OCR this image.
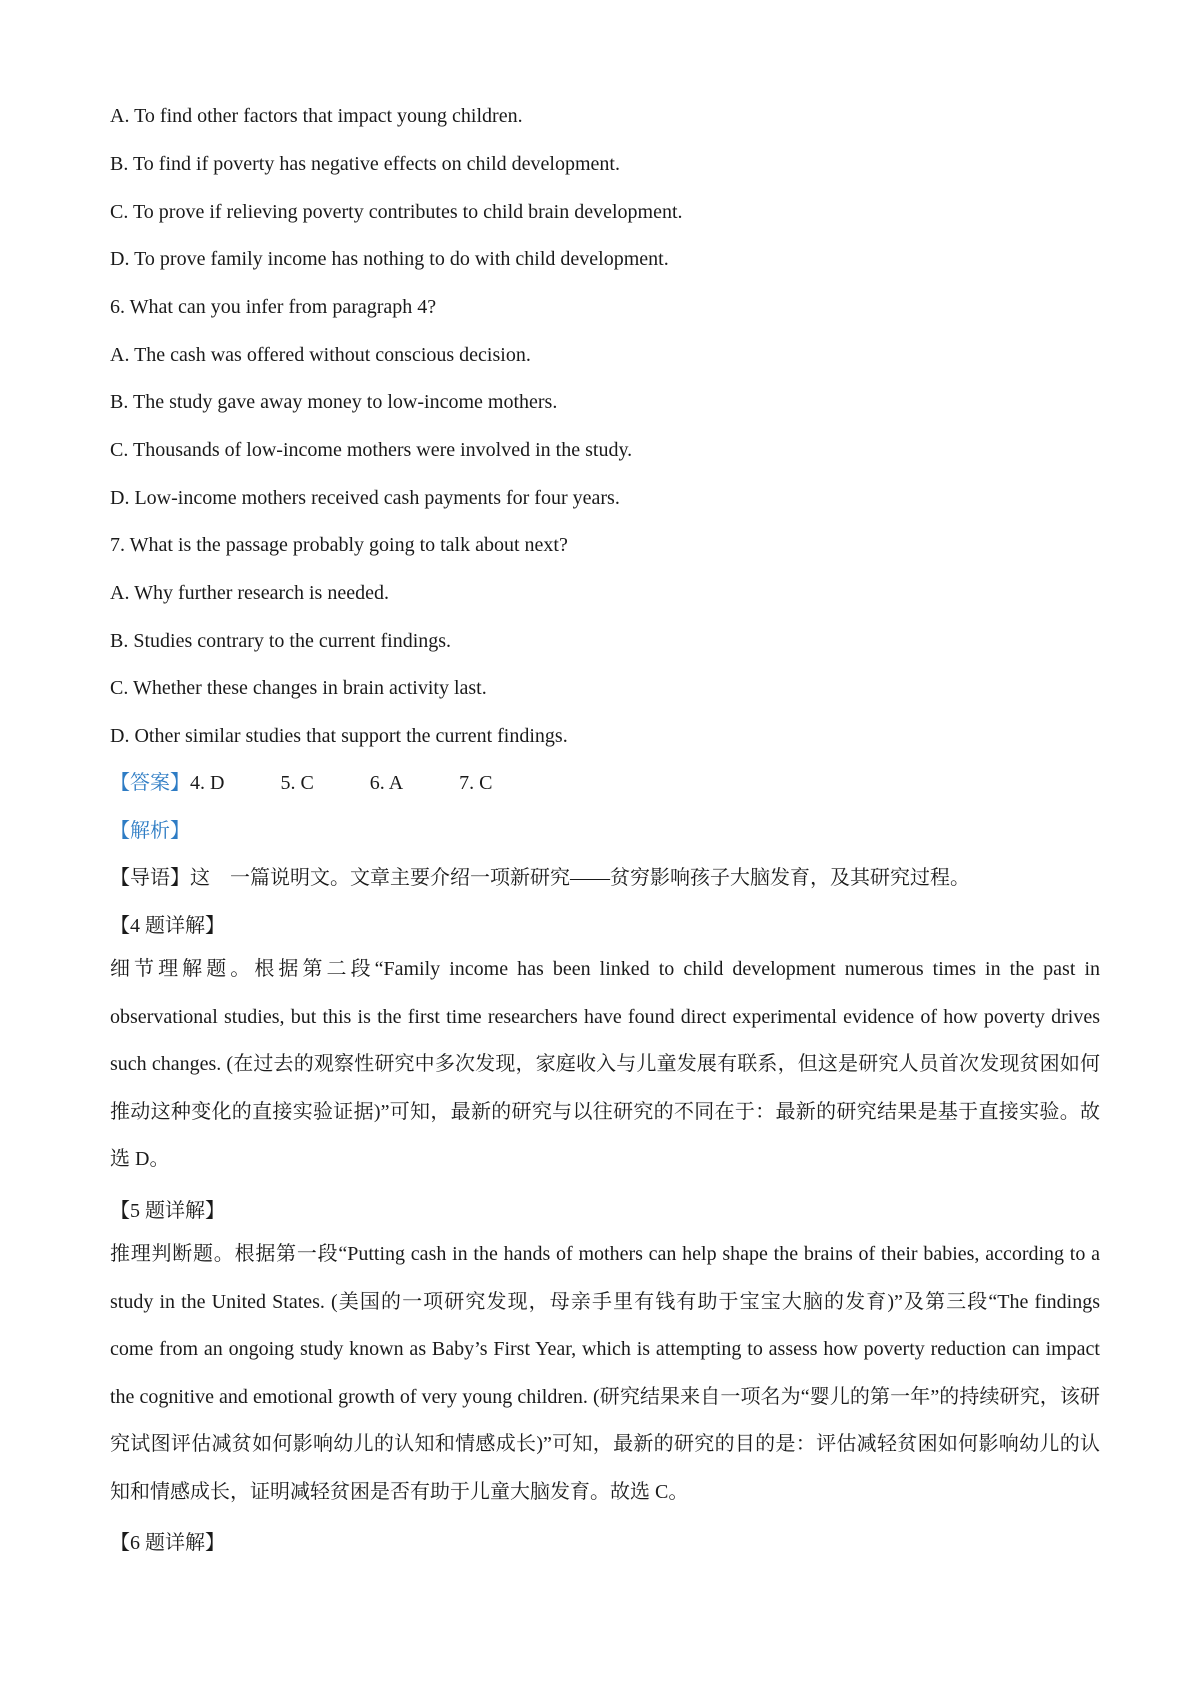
A. To find other factors that impact young children.
B. To find if poverty has negative effects on child development.
C. To prove if relieving poverty contributes to child brain development.
D. To prove family income has nothing to do with child development.
6. What can you infer from paragraph 4?
A. The cash was offered without conscious decision.
B. The study gave away money to low-income mothers.
C. Thousands of low-income mothers were involved in the study.
D. Low-income mothers received cash payments for four years.
7. What is the passage probably going to talk about next?
A. Why further research is needed.
B. Studies contrary to the current findings.
C. Whether these changes in brain activity last.
D. Other similar studies that support the current findings.
【答案】4. D	5. C	6. A	7. C
【解析】
【导语】这　一篇说明文。文章主要介绍一项新研究——贫穷影响孩子大脑发育，及其研究过程。
【4 题详解】
细节理解题。根据第二段“Family income has been linked to child development numerous times in the past in observational studies, but this is the first time researchers have found direct experimental evidence of how poverty drives such changes. (在过去的观察性研究中多次发现，家庭收入与儿童发展有联系，但这是研究人员首次发现贫困如何推动这种变化的直接实验证据)”可知，最新的研究与以往研究的不同在于：最新的研究结果是基于直接实验。故选 D。
【5 题详解】
推理判断题。根据第一段“Putting cash in the hands of mothers can help shape the brains of their babies, according to a study in the United States. (美国的一项研究发现，母亲手里有钱有助于宝宝大脑的发育)”及第三段“The findings come from an ongoing study known as Baby’s First Year, which is attempting to assess how poverty reduction can impact the cognitive and emotional growth of very young children. (研究结果来自一项名为“婴儿的第一年”的持续研究，该研究试图评估减贫如何影响幼儿的认知和情感成长)”可知，最新的研究的目的是：评估减轻贫困如何影响幼儿的认知和情感成长，证明减轻贫困是否有助于儿童大脑发育。故选 C。
【6 题详解】
